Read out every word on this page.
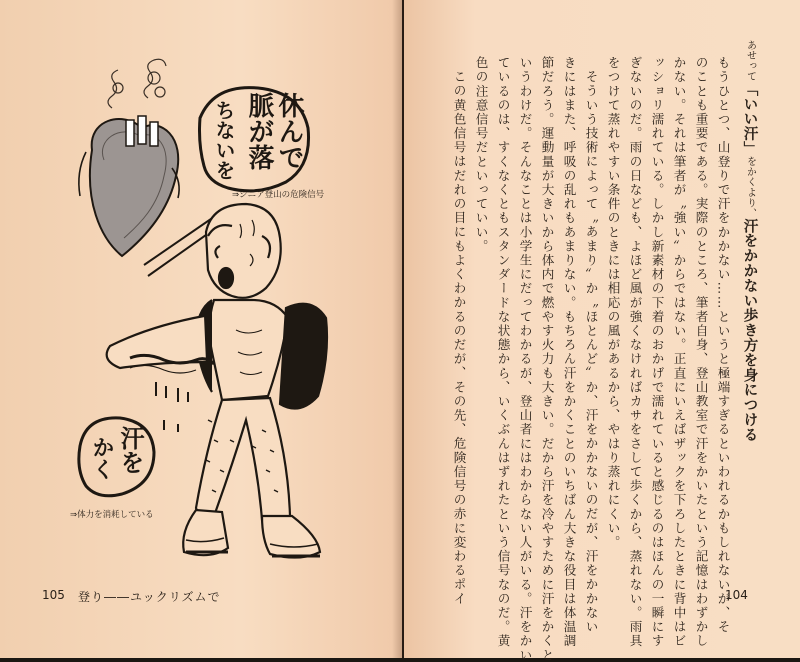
休んで
脈が落
ちないを
⇒シニア登山の危険信号
汗を
かく
⇒体力を消耗している
105 登り――ユックリズムで
あせって「いい汗」をかくより、汗をかかない歩き方を身につける
もうひとつ、山登りで汗をかかない……というと極端すぎるといわれるかもしれないが、そ
のことも重要である。実際のところ、筆者自身、登山教室で汗をかいたという記憶はわずかし
かない。それは筆者が〝強い〟からではない。正直にいえばザックを下ろしたときに背中はビ
ッショリ濡れている。しかし新素材の下着のおかげで濡れていると感じるのはほんの一瞬にす
ぎないのだ。雨の日なども、よほど風が強くなければカサをさして歩くから、蒸れない。雨具
をつけて蒸れやすい条件のときには相応の風があるから、やはり蒸れにくい。
そういう技術によって〝あまり〟か〝ほとんど〟か、汗をかかないのだが、汗をかかない
きにはまた、呼吸の乱れもあまりない。もちろん汗をかくことのいちばん大きな役目は体温調
節だろう。運動量が大きいから体内で燃やす火力も大きい。だから汗を冷やすために汗をかくと
いうわけだ。そんなことは小学生にだってわかるが、登山者にはわからない人がいる。汗をかい
ているのは、すくなくともスタンダードな状態から、いくぶんはずれたという信号なのだ。黄
色の注意信号だといっていい。
この黄色信号はだれの目にもよくわかるのだが、その先、危険信号の赤に変わるポイ	104
